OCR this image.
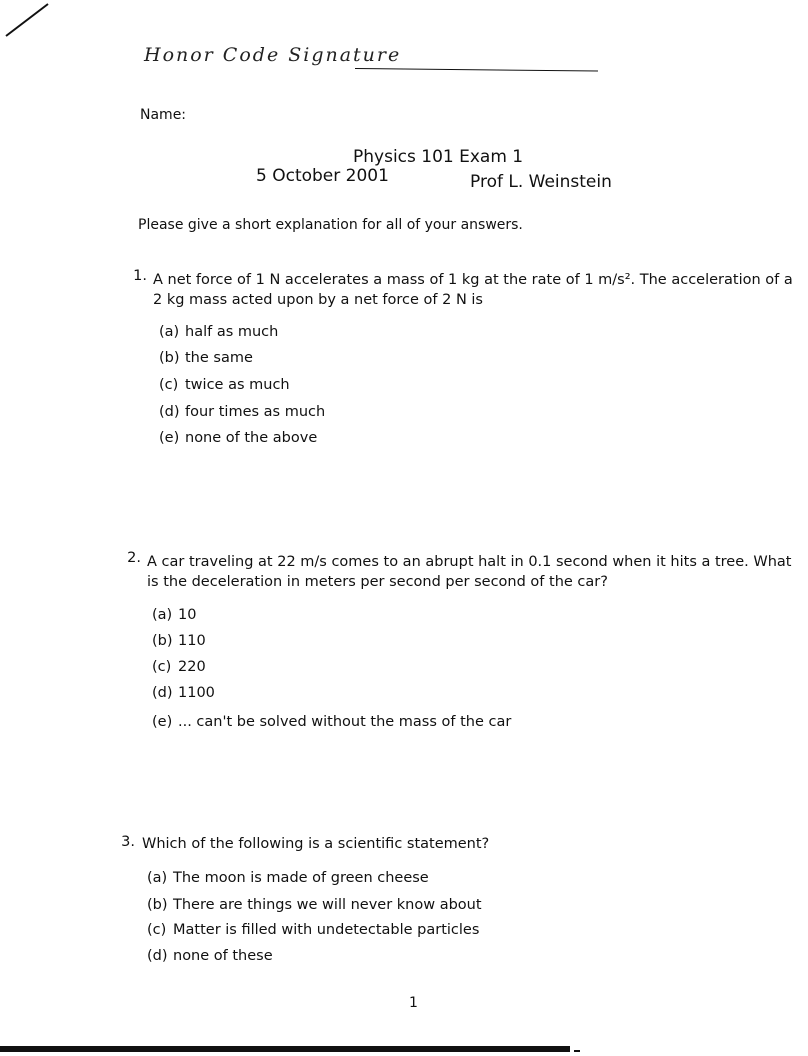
Honor Code Signature
Name:
Physics 101 Exam 1
5 October 2001	Prof L. Weinstein
Please give a short explanation for all of your answers.
1. A net force of 1 N accelerates a mass of 1 kg at the rate of 1 m/s². The acceleration of a
2 kg mass acted upon by a net force of 2 N is
(a) half as much
(b) the same
(c) twice as much
(d) four times as much
(e) none of the above
2. A car traveling at 22 m/s comes to an abrupt halt in 0.1 second when it hits a tree. What
is the deceleration in meters per second per second of the car?
(a) 10
(b) 110
(c) 220
(d) 1100
(e) ... can't be solved without the mass of the car
3. Which of the following is a scientific statement?
(a) The moon is made of green cheese
(b) There are things we will never know about
(c) Matter is filled with undetectable particles
(d) none of these
1
